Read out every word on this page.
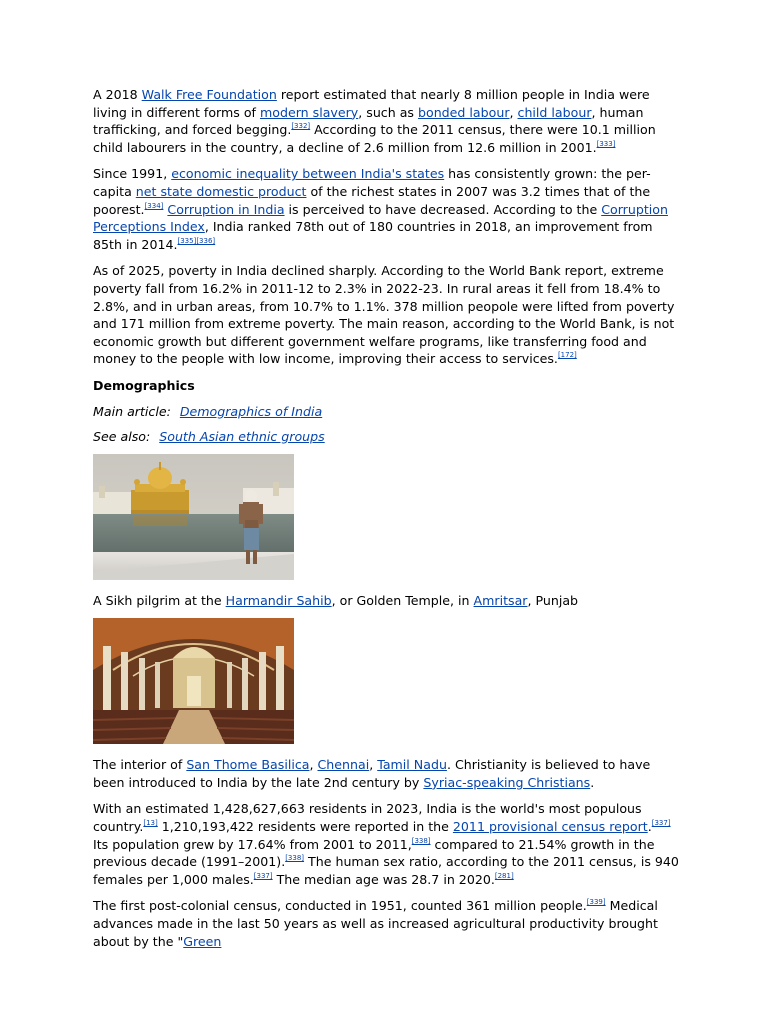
A 2018 Walk Free Foundation report estimated that nearly 8 million people in India were living in different forms of modern slavery, such as bonded labour, child labour, human trafficking, and forced begging.[332] According to the 2011 census, there were 10.1 million child labourers in the country, a decline of 2.6 million from 12.6 million in 2001.[333]

Since 1991, economic inequality between India's states has consistently grown: the per-capita net state domestic product of the richest states in 2007 was 3.2 times that of the poorest.[334] Corruption in India is perceived to have decreased. According to the Corruption Perceptions Index, India ranked 78th out of 180 countries in 2018, an improvement from 85th in 2014.[335][336]

As of 2025, poverty in India declined sharply. According to the World Bank report, extreme poverty fall from 16.2% in 2011-12 to 2.3% in 2022-23. In rural areas it fell from 18.4% to 2.8%, and in urban areas, from 10.7% to 1.1%. 378 million peopole were lifted from poverty and 171 million from extreme poverty. The main reason, according to the World Bank, is not economic growth but different government welfare programs, like transferring food and money to the people with low income, improving their access to services.[172]

Demographics

Main article: Demographics of India

See also: South Asian ethnic groups

A Sikh pilgrim at the Harmandir Sahib, or Golden Temple, in Amritsar, Punjab

The interior of San Thome Basilica, Chennai, Tamil Nadu. Christianity is believed to have been introduced to India by the late 2nd century by Syriac-speaking Christians.

With an estimated 1,428,627,663 residents in 2023, India is the world's most populous country.[13] 1,210,193,422 residents were reported in the 2011 provisional census report.[337] Its population grew by 17.64% from 2001 to 2011,[338] compared to 21.54% growth in the previous decade (1991–2001).[338] The human sex ratio, according to the 2011 census, is 940 females per 1,000 males.[337] The median age was 28.7 in 2020.[281]

The first post-colonial census, conducted in 1951, counted 361 million people.[339] Medical advances made in the last 50 years as well as increased agricultural productivity brought about by the "Green
